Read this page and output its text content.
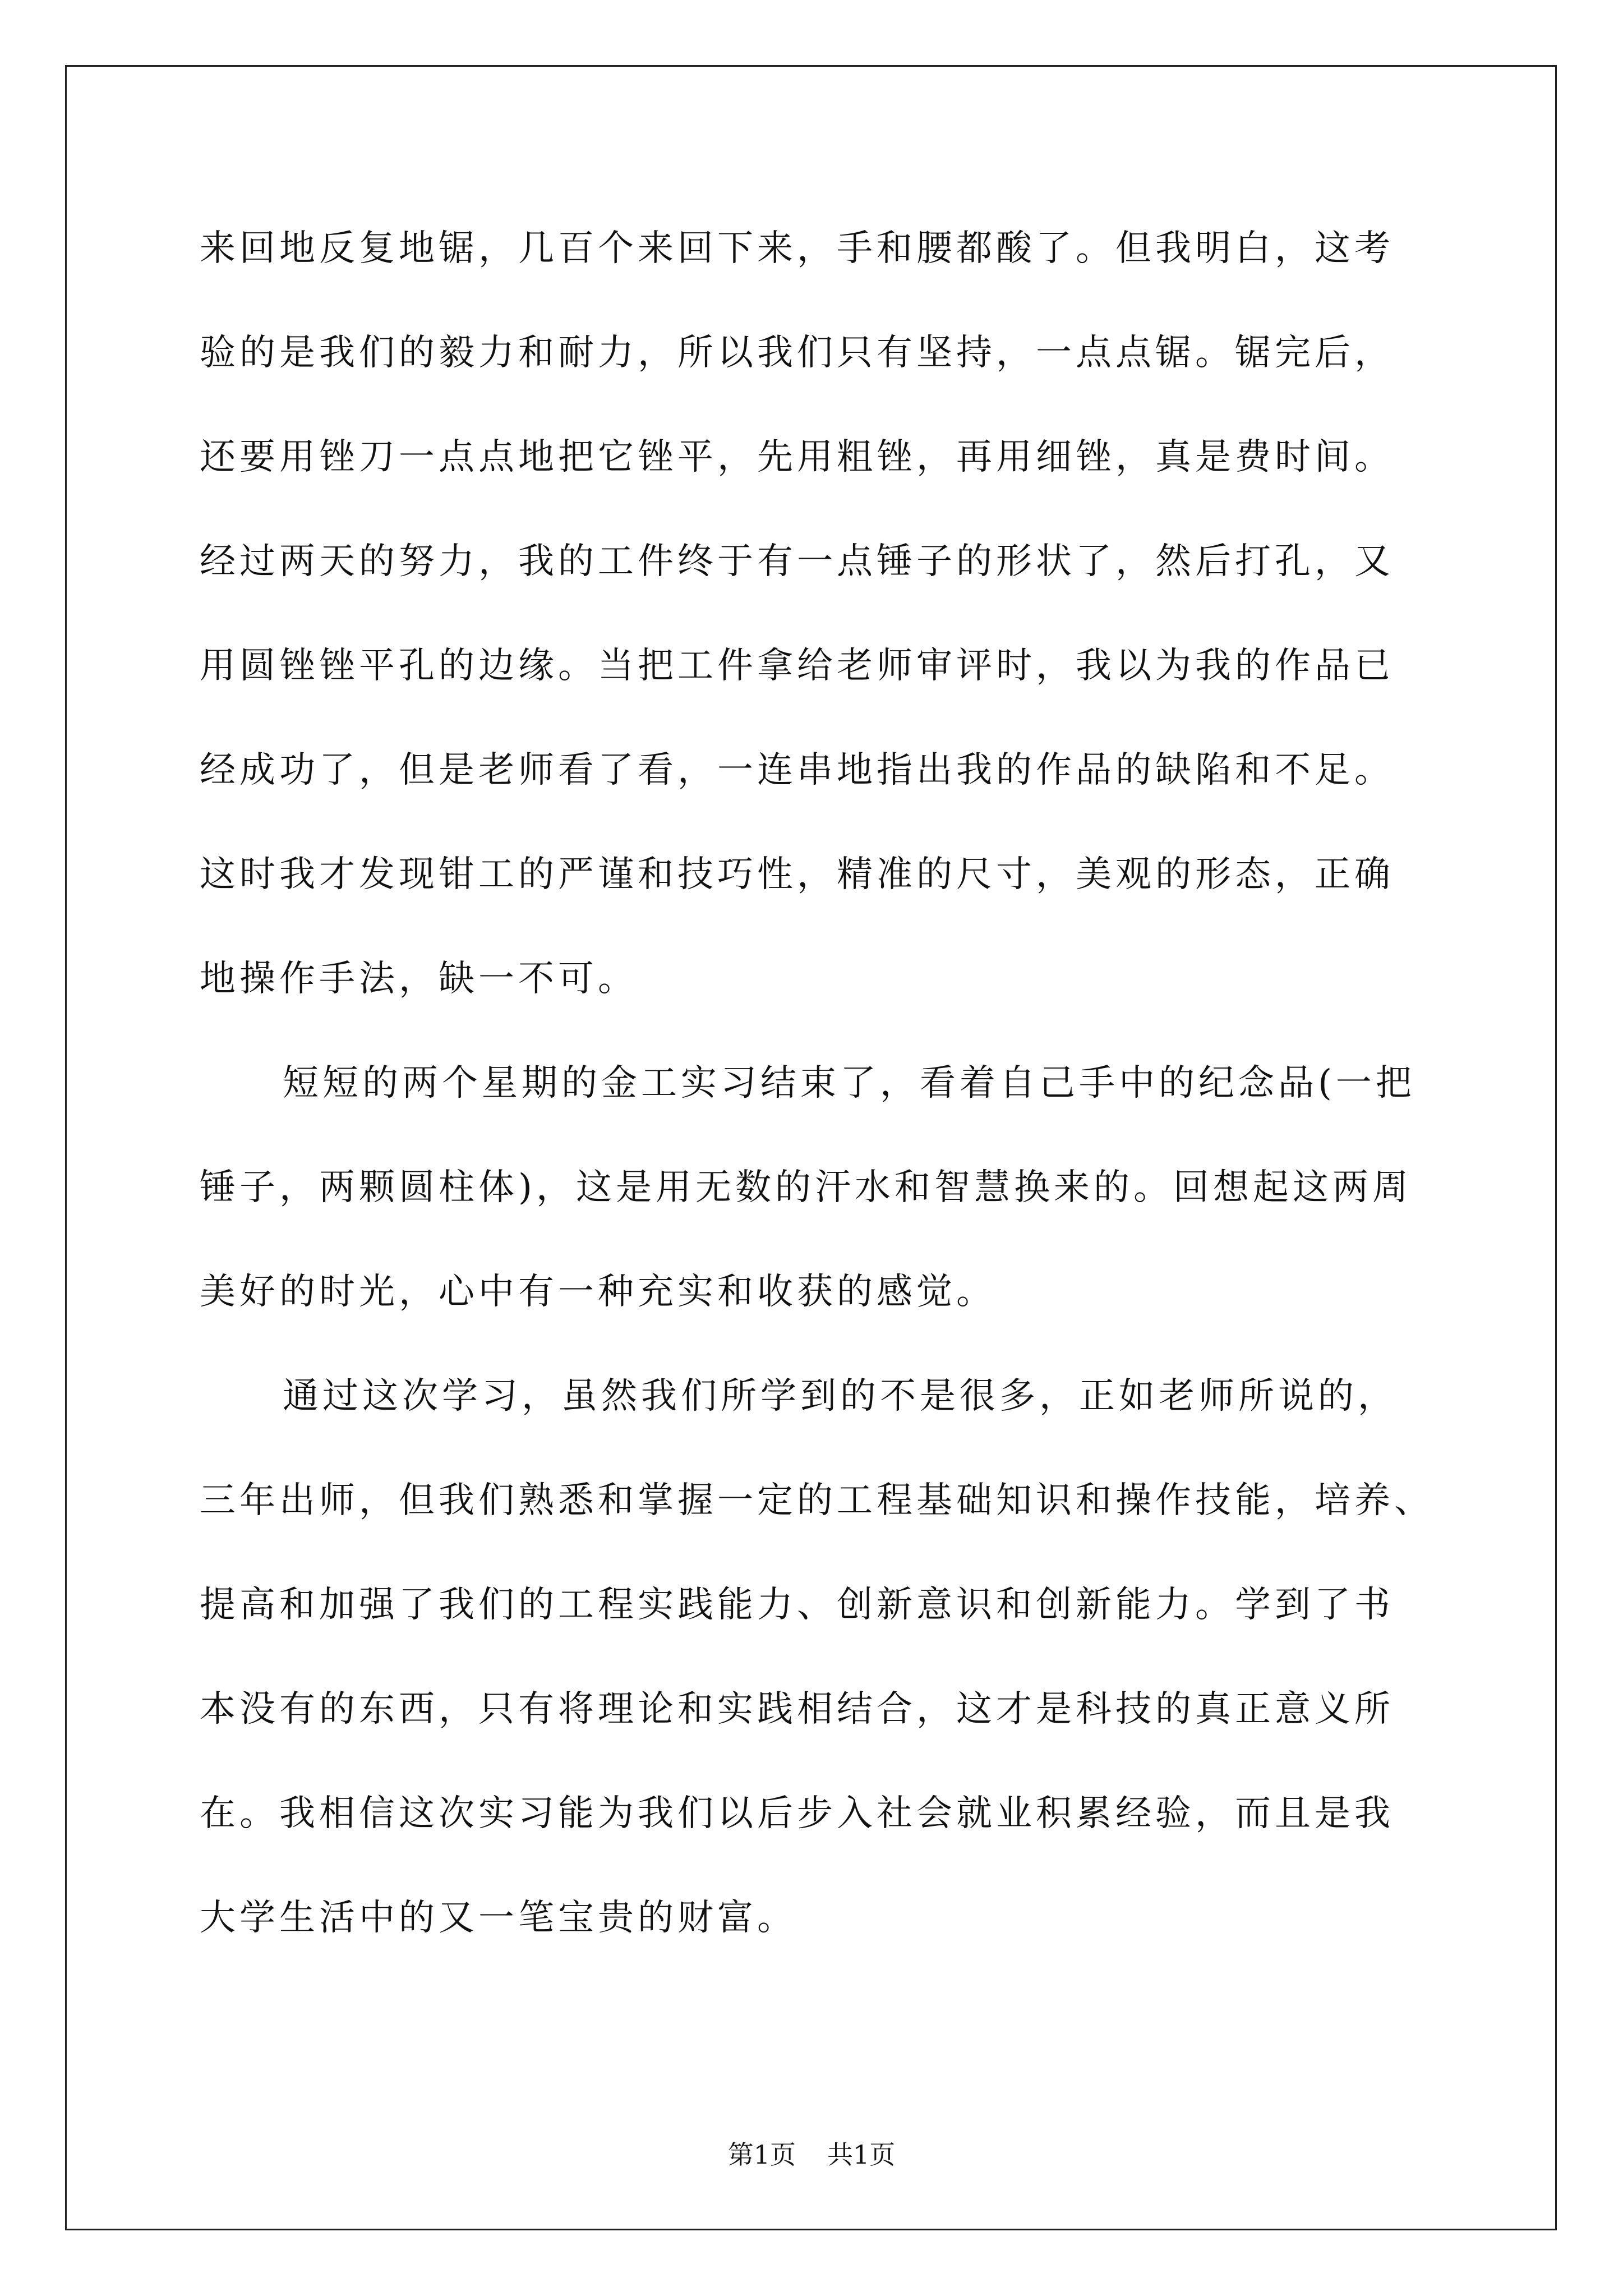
来回地反复地锯，几百个来回下来，手和腰都酸了。但我明白，这考
验的是我们的毅力和耐力，所以我们只有坚持，一点点锯。锯完后，
还要用锉刀一点点地把它锉平，先用粗锉，再用细锉，真是费时间。
经过两天的努力，我的工件终于有一点锤子的形状了，然后打孔，又
用圆锉锉平孔的边缘。当把工件拿给老师审评时，我以为我的作品已
经成功了，但是老师看了看，一连串地指出我的作品的缺陷和不足。
这时我才发现钳工的严谨和技巧性，精准的尺寸，美观的形态，正确
地操作手法，缺一不可。
短短的两个星期的金工实习结束了，看着自己手中的纪念品(一把
锤子，两颗圆柱体)，这是用无数的汗水和智慧换来的。回想起这两周
美好的时光，心中有一种充实和收获的感觉。
通过这次学习，虽然我们所学到的不是很多，正如老师所说的，
三年出师，但我们熟悉和掌握一定的工程基础知识和操作技能，培养、
提高和加强了我们的工程实践能力、创新意识和创新能力。学到了书
本没有的东西，只有将理论和实践相结合，这才是科技的真正意义所
在。我相信这次实习能为我们以后步入社会就业积累经验，而且是我
大学生活中的又一笔宝贵的财富。
第1页 共1页
